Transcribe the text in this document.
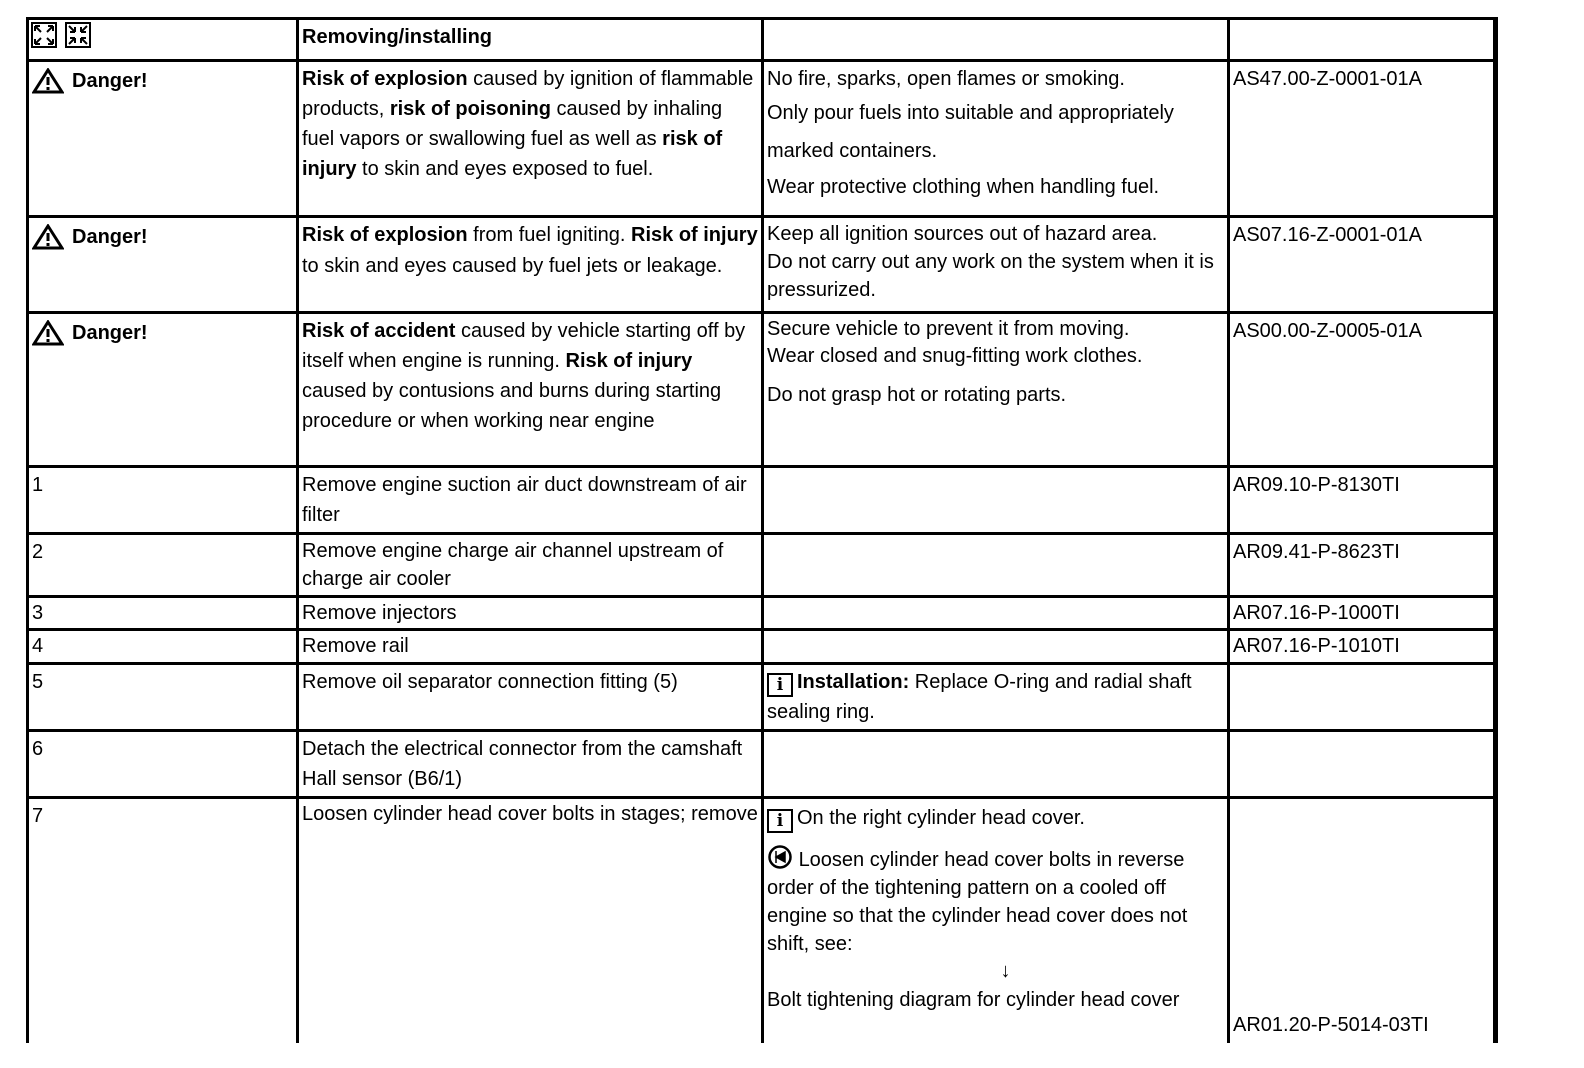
	Removing/installing		

Danger!	Risk of explosion caused by ignition of flammable products, risk of poisoning caused by inhaling fuel vapors or swallowing fuel as well as risk of injury to skin and eyes exposed to fuel.	No fire, sparks, open flames or smoking.
Only pour fuels into suitable and appropriately marked containers.
Wear protective clothing when handling fuel.	AS47.00-Z-0001-01A

Danger!	Risk of explosion from fuel igniting. Risk of injury to skin and eyes caused by fuel jets or leakage.	Keep all ignition sources out of hazard area.
Do not carry out any work on the system when it is pressurized.	AS07.16-Z-0001-01A

Danger!	Risk of accident caused by vehicle starting off by itself when engine is running. Risk of injury caused by contusions and burns during starting procedure or when working near engine	Secure vehicle to prevent it from moving.
Wear closed and snug-fitting work clothes.
Do not grasp hot or rotating parts.	AS00.00-Z-0005-01A
1	Remove engine suction air duct downstream of air filter		AR09.10-P-8130TI
2	Remove engine charge air channel upstream of charge air cooler		AR09.41-P-8623TI
3	Remove injectors		AR07.16-P-1000TI
4	Remove rail		AR07.16-P-1010TI
5	Remove oil separator connection fitting (5)	i Installation: Replace O-ring and radial shaft sealing ring.	
6	Detach the electrical connector from the camshaft Hall sensor (B6/1)		
7	Loosen cylinder head cover bolts in stages; remove	i On the right cylinder head cover.
Loosen cylinder head cover bolts in reverse order of the tightening pattern on a cooled off engine so that the cylinder head cover does not shift, see:
↓
Bolt tightening diagram for cylinder head cover	AR01.20-P-5014-03TI
